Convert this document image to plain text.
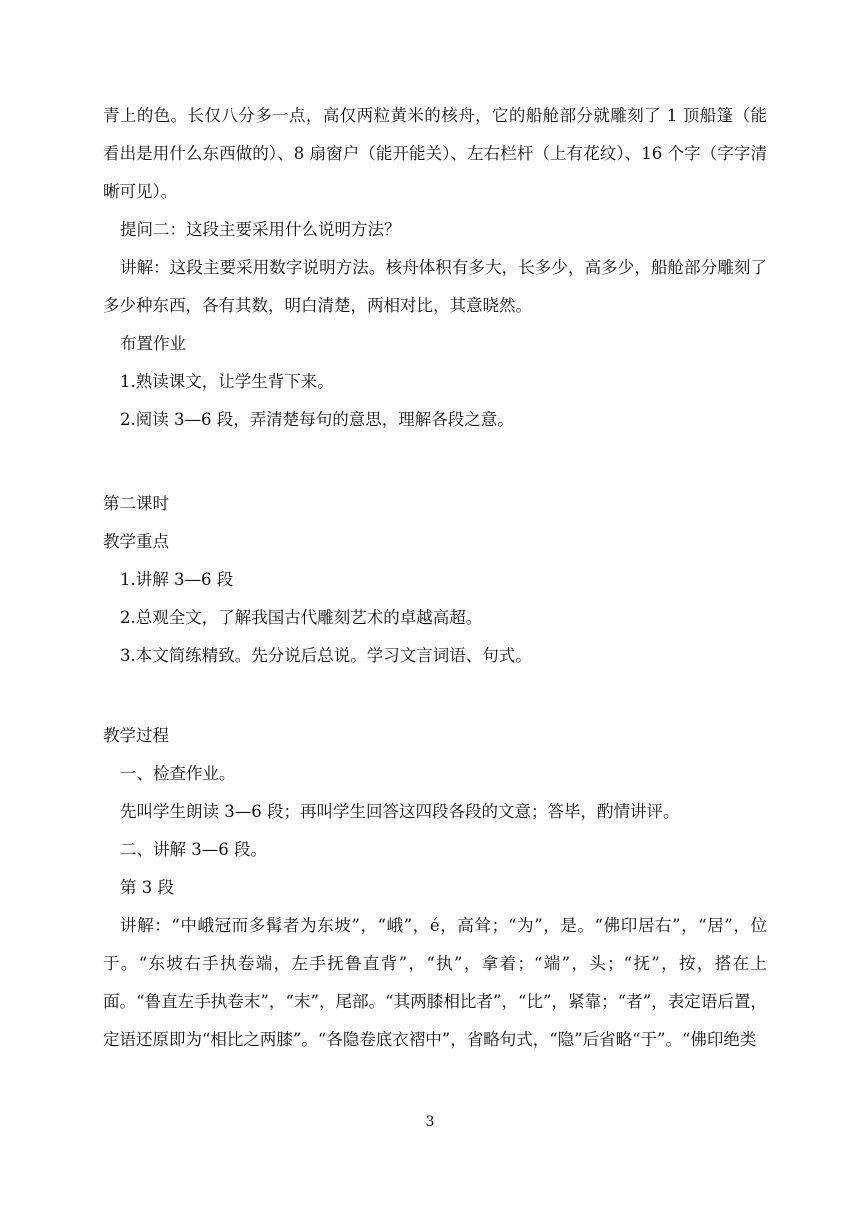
青上的色。长仅八分多一点，高仅两粒黄米的核舟，它的船舱部分就雕刻了 1 顶船篷（能看出是用什么东西做的）、8 扇窗户（能开能关）、左右栏杆（上有花纹）、16 个字（字字清晰可见）。

提问二：这段主要采用什么说明方法？

讲解：这段主要采用数字说明方法。核舟体积有多大，长多少，高多少，船舱部分雕刻了多少种东西，各有其数，明白清楚，两相对比，其意晓然。

布置作业

1.熟读课文，让学生背下来。

2.阅读 3—6 段，弄清楚每句的意思，理解各段之意。

第二课时

教学重点

1.讲解 3—6 段

2.总观全文，了解我国古代雕刻艺术的卓越高超。

3.本文简练精致。先分说后总说。学习文言词语、句式。

教学过程

一、检查作业。

先叫学生朗读 3—6 段；再叫学生回答这四段各段的文意；答毕，酌情讲评。

二、讲解 3—6 段。

第 3 段

讲解：“中峨冠而多髯者为东坡”，“峨”，é，高耸；“为”，是。“佛印居右”，“居”，位于。“东坡右手执卷端，左手抚鲁直背”，“执”，拿着；“端”，头；“抚”，按，搭在上面。“鲁直左手执卷末”，“末”，尾部。“其两膝相比者”，“比”，紧靠；“者”，表定语后置，定语还原即为“相比之两膝”。“各隐卷底衣褶中”，省略句式，“隐”后省略“于”。“佛印绝类

3
